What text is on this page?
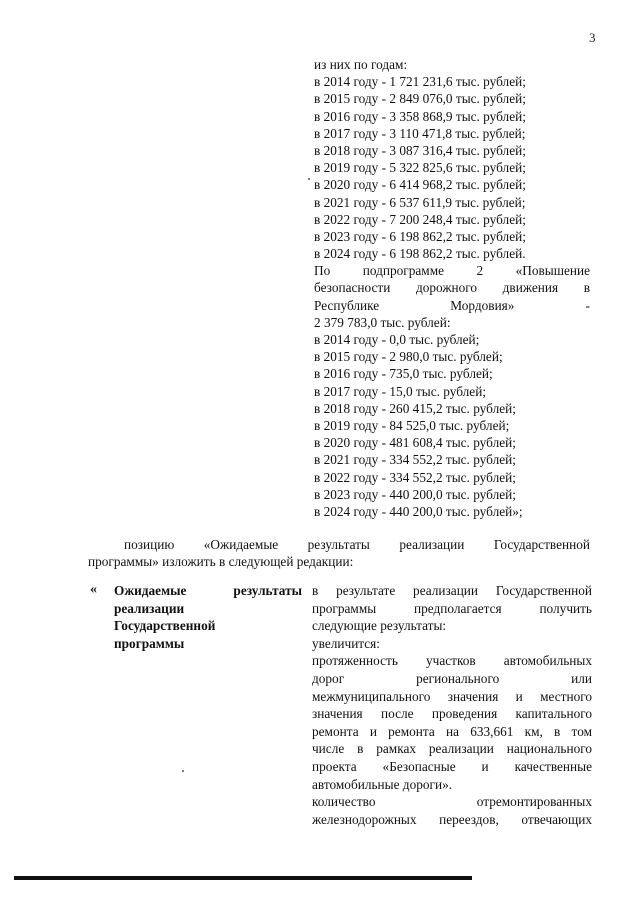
3
из них по годам:
в 2014 году - 1 721 231,6 тыс. рублей;
в 2015 году - 2 849 076,0 тыс. рублей;
в 2016 году - 3 358 868,9 тыс. рублей;
в 2017 году - 3 110 471,8 тыс. рублей;
в 2018 году - 3 087 316,4 тыс. рублей;
в 2019 году - 5 322 825,6 тыс. рублей;
в 2020 году - 6 414 968,2 тыс. рублей;
в 2021 году - 6 537 611,9 тыс. рублей;
в 2022 году - 7 200 248,4 тыс. рублей;
в 2023 году - 6 198 862,2 тыс. рублей;
в 2024 году - 6 198 862,2 тыс. рублей.
По подпрограмме 2 «Повышение
безопасности дорожного движения в
Республике Мордовия» -
2 379 783,0 тыс. рублей:
в 2014 году - 0,0 тыс. рублей;
в 2015 году - 2 980,0 тыс. рублей;
в 2016 году - 735,0 тыс. рублей;
в 2017 году - 15,0 тыс. рублей;
в 2018 году - 260 415,2 тыс. рублей;
в 2019 году - 84 525,0 тыс. рублей;
в 2020 году - 481 608,4 тыс. рублей;
в 2021 году - 334 552,2 тыс. рублей;
в 2022 году - 334 552,2 тыс. рублей;
в 2023 году - 440 200,0 тыс. рублей;
в 2024 году - 440 200,0 тыс. рублей»;
позицию «Ожидаемые результаты реализации Государственной
программы» изложить в следующей редакции:
« Ожидаемые результаты
реализации
Государственной
программы
в результате реализации Государственной
программы предполагается получить
следующие результаты:
увеличится:
протяженность участков автомобильных
дорог регионального или
межмуниципального значения и местного
значения после проведения капитального
ремонта и ремонта на 633,661 км, в том
числе в рамках реализации национального
проекта «Безопасные и качественные
автомобильные дороги».
количество отремонтированных
железнодорожных переездов, отвечающих
